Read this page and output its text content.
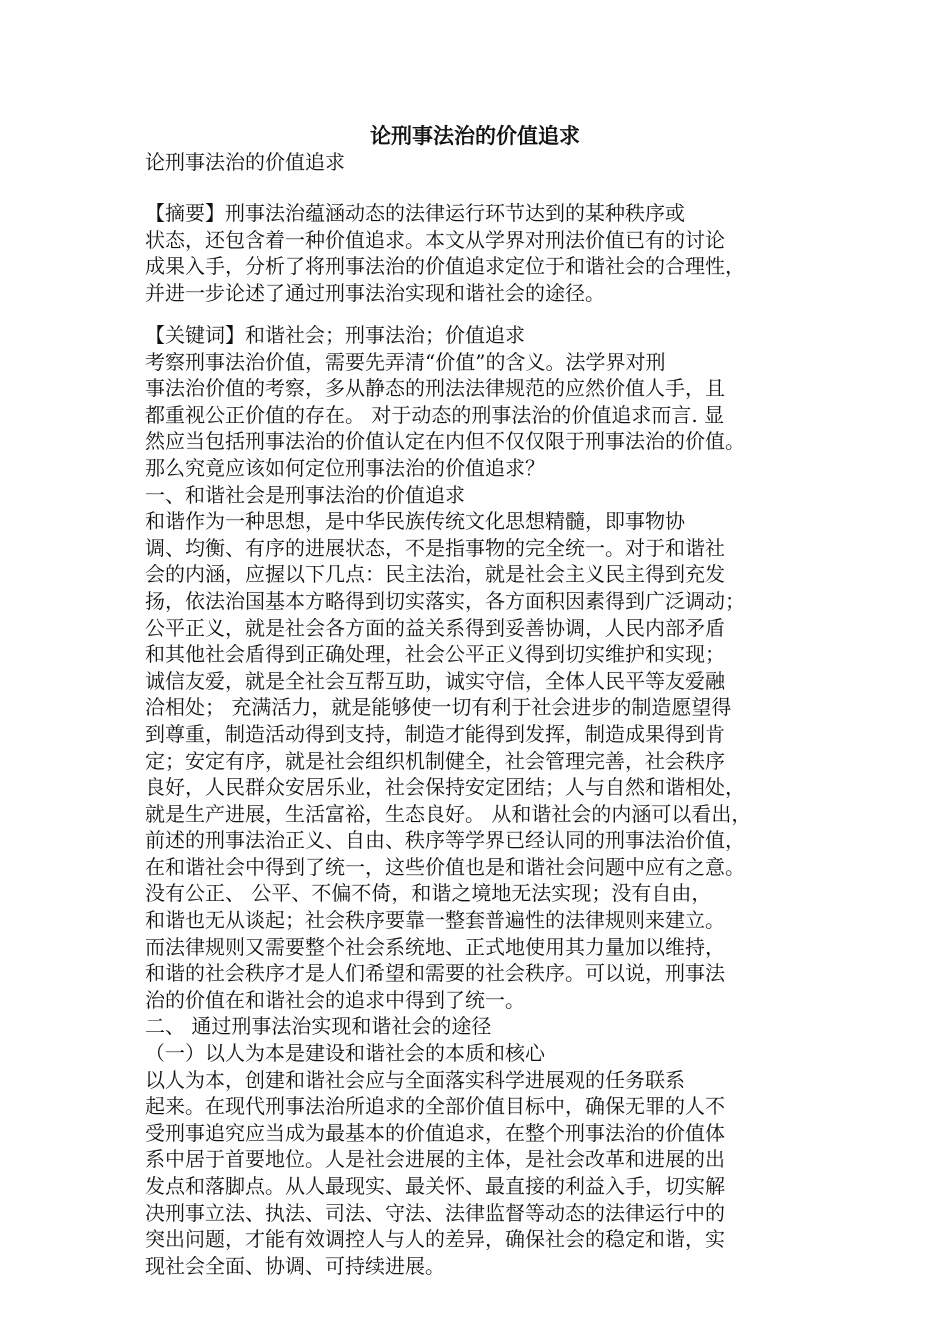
论刑事法治的价值追求
论刑事法治的价值追求
【摘要】刑事法治蕴涵动态的法律运行环节达到的某种秩序或
状态，还包含着一种价值追求。本文从学界对刑法价值已有的讨论
成果入手，分析了将刑事法治的价值追求定位于和谐社会的合理性，
并进一步论述了通过刑事法治实现和谐社会的途径。
【关键词】和谐社会；刑事法治；价值追求
考察刑事法治价值，需要先弄清“价值”的含义。法学界对刑
事法治价值的考察，多从静态的刑法法律规范的应然价值人手，且
都重视公正价值的存在。 对于动态的刑事法治的价值追求而言. 显
然应当包括刑事法治的价值认定在内但不仅仅限于刑事法治的价值。
那么究竟应该如何定位刑事法治的价值追求？
一、和谐社会是刑事法治的价值追求
和谐作为一种思想，是中华民族传统文化思想精髓，即事物协
调、均衡、有序的进展状态，不是指事物的完全统一。对于和谐社
会的内涵，应握以下几点：民主法治，就是社会主义民主得到充发
扬，依法治国基本方略得到切实落实，各方面积因素得到广泛调动；
公平正义，就是社会各方面的益关系得到妥善协调，人民内部矛盾
和其他社会盾得到正确处理，社会公平正义得到切实维护和实现；
诚信友爱，就是全社会互帮互助，诚实守信，全体人民平等友爱融
洽相处； 充满活力，就是能够使一切有利于社会进步的制造愿望得
到尊重，制造活动得到支持，制造才能得到发挥，制造成果得到肯
定；安定有序，就是社会组织机制健全，社会管理完善，社会秩序
良好，人民群众安居乐业，社会保持安定团结；人与自然和谐相处，
就是生产进展，生活富裕，生态良好。 从和谐社会的内涵可以看出，
前述的刑事法治正义、自由、秩序等学界已经认同的刑事法治价值，
在和谐社会中得到了统一，这些价值也是和谐社会问题中应有之意。
没有公正、 公平、不偏不倚，和谐之境地无法实现；没有自由，
和谐也无从谈起；社会秩序要靠一整套普遍性的法律规则来建立。
而法律规则又需要整个社会系统地、正式地使用其力量加以维持，
和谐的社会秩序才是人们希望和需要的社会秩序。可以说，刑事法
治的价值在和谐社会的追求中得到了统一。
二、 通过刑事法治实现和谐社会的途径
（一）以人为本是建设和谐社会的本质和核心
以人为本，创建和谐社会应与全面落实科学进展观的任务联系
起来。在现代刑事法治所追求的全部价值目标中，确保无罪的人不
受刑事追究应当成为最基本的价值追求，在整个刑事法治的价值体
系中居于首要地位。人是社会进展的主体，是社会改革和进展的出
发点和落脚点。从人最现实、最关怀、最直接的利益入手，切实解
决刑事立法、执法、司法、守法、法律监督等动态的法律运行中的
突出问题，才能有效调控人与人的差异，确保社会的稳定和谐，实
现社会全面、协调、可持续进展。
